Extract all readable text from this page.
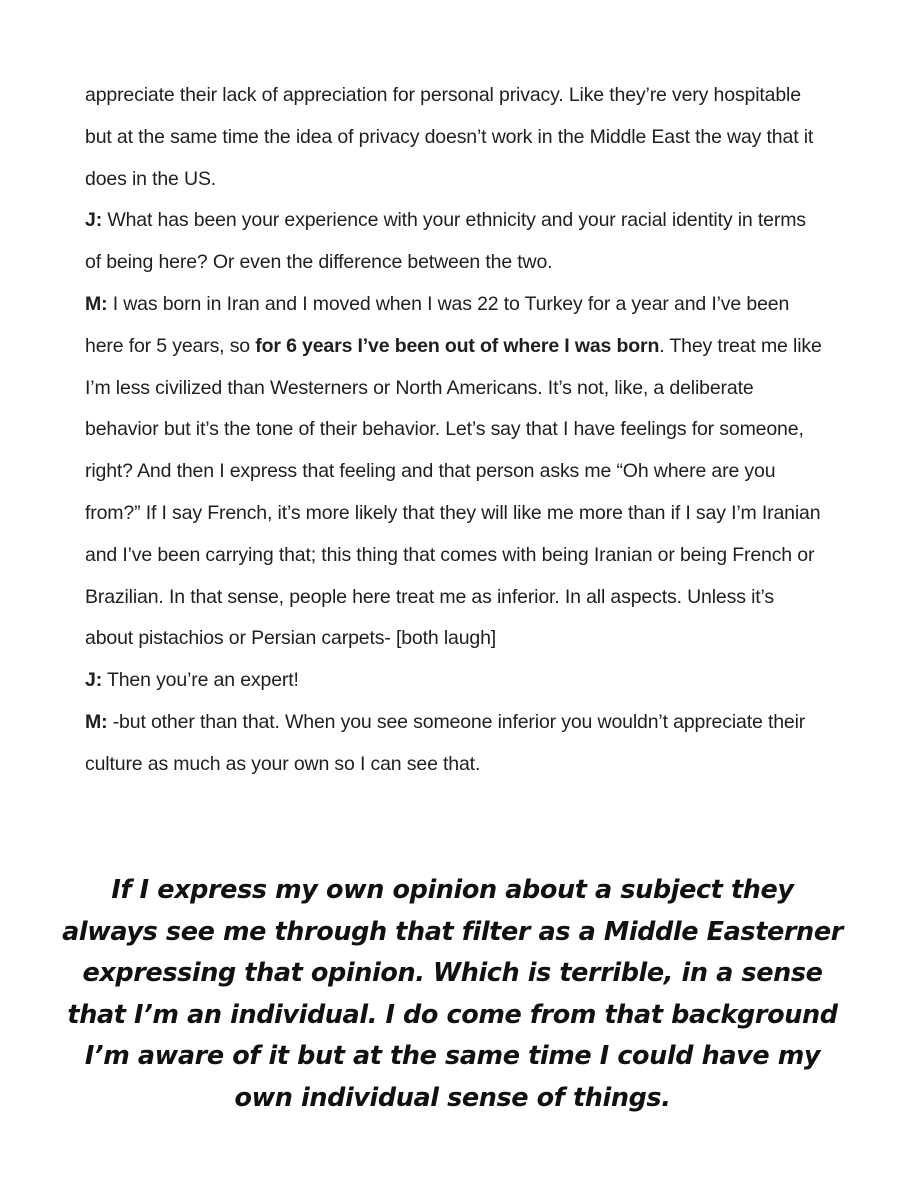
appreciate their lack of appreciation for personal privacy. Like they’re very hospitable but at the same time the idea of privacy doesn’t work in the Middle East the way that it does in the US.

J: What has been your experience with your ethnicity and your racial identity in terms of being here? Or even the difference between the two.

M: I was born in Iran and I moved when I was 22 to Turkey for a year and I’ve been here for 5 years, so for 6 years I’ve been out of where I was born. They treat me like I’m less civilized than Westerners or North Americans. It’s not, like, a deliberate behavior but it’s the tone of their behavior. Let’s say that I have feelings for someone, right? And then I express that feeling and that person asks me “Oh where are you from?” If I say French, it’s more likely that they will like me more than if I say I’m Iranian and I’ve been carrying that; this thing that comes with being Iranian or being French or Brazilian. In that sense, people here treat me as inferior. In all aspects. Unless it’s about pistachios or Persian carpets- [both laugh]

J: Then you’re an expert!

M: -but other than that. When you see someone inferior you wouldn’t appreciate their culture as much as your own so I can see that.

If I express my own opinion about a subject they always see me through that filter as a Middle Easterner expressing that opinion. Which is terrible, in a sense that I’m an individual. I do come from that background I’m aware of it but at the same time I could have my own individual sense of things.
